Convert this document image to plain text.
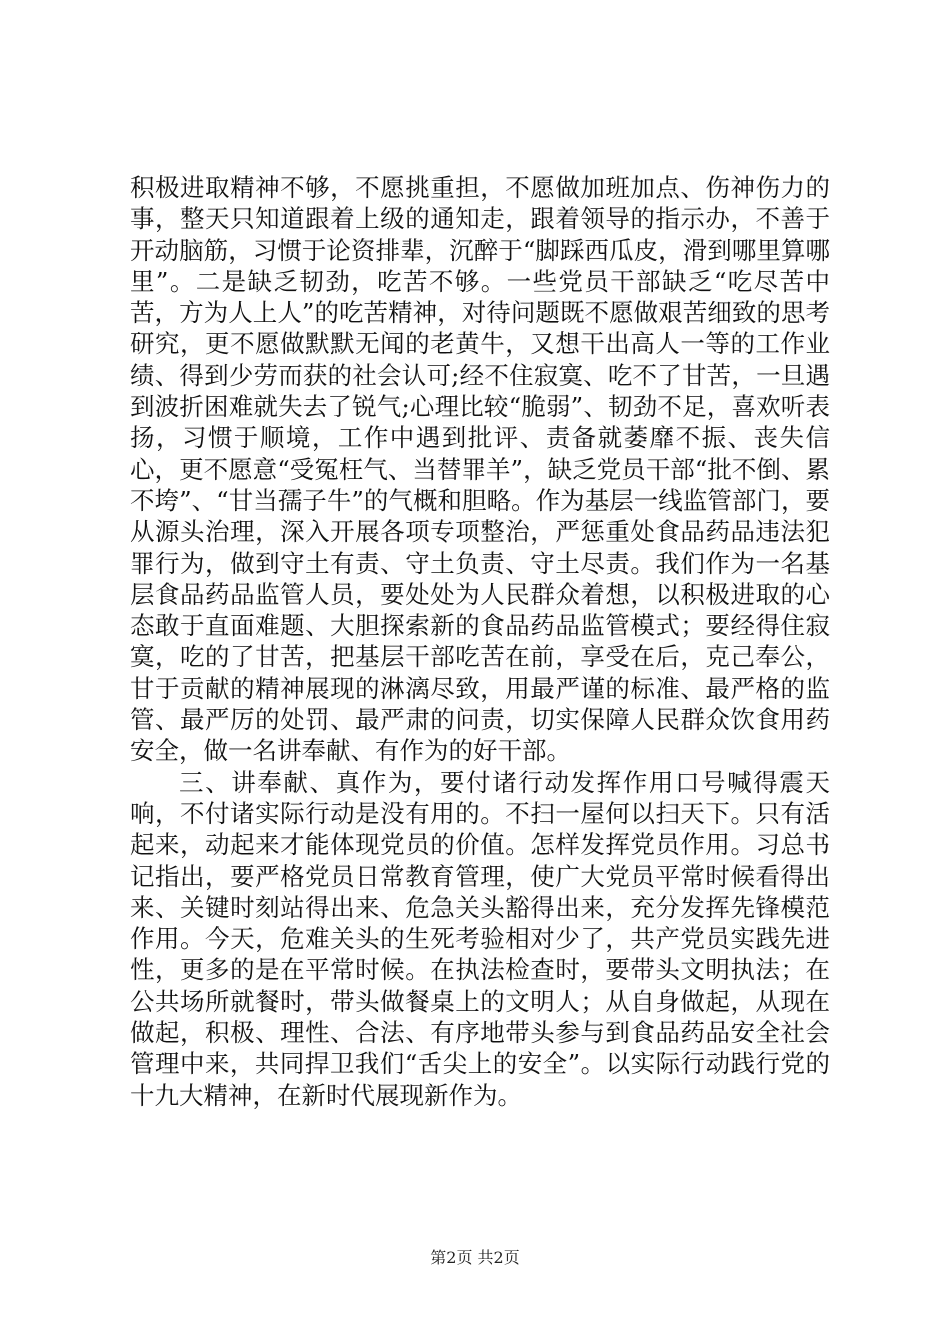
积极进取精神不够，不愿挑重担，不愿做加班加点、伤神伤力的事，整天只知道跟着上级的通知走，跟着领导的指示办，不善于开动脑筋，习惯于论资排辈，沉醉于“脚踩西瓜皮，滑到哪里算哪里”。二是缺乏韧劲，吃苦不够。一些党员干部缺乏“吃尽苦中苦，方为人上人”的吃苦精神，对待问题既不愿做艰苦细致的思考研究，更不愿做默默无闻的老黄牛，又想干出高人一等的工作业绩、得到少劳而获的社会认可;经不住寂寞、吃不了甘苦，一旦遇到波折困难就失去了锐气;心理比较“脆弱”、韧劲不足，喜欢听表扬，习惯于顺境，工作中遇到批评、责备就萎靡不振、丧失信心，更不愿意“受冤枉气、当替罪羊”，缺乏党员干部“批不倒、累不垮”、“甘当孺子牛”的气概和胆略。作为基层一线监管部门，要从源头治理，深入开展各项专项整治，严惩重处食品药品违法犯罪行为，做到守土有责、守土负责、守土尽责。我们作为一名基层食品药品监管人员，要处处为人民群众着想，以积极进取的心态敢于直面难题、大胆探索新的食品药品监管模式；要经得住寂寞，吃的了甘苦，把基层干部吃苦在前，享受在后，克己奉公，甘于贡献的精神展现的淋漓尽致，用最严谨的标准、最严格的监管、最严厉的处罚、最严肃的问责，切实保障人民群众饮食用药安全，做一名讲奉献、有作为的好干部。

三、讲奉献、真作为，要付诸行动发挥作用口号喊得震天响，不付诸实际行动是没有用的。不扫一屋何以扫天下。只有活起来，动起来才能体现党员的价值。怎样发挥党员作用。习总书记指出，要严格党员日常教育管理，使广大党员平常时候看得出来、关键时刻站得出来、危急关头豁得出来，充分发挥先锋模范作用。今天，危难关头的生死考验相对少了，共产党员实践先进性，更多的是在平常时候。在执法检查时，要带头文明执法；在公共场所就餐时，带头做餐桌上的文明人；从自身做起，从现在做起，积极、理性、合法、有序地带头参与到食品药品安全社会管理中来，共同捍卫我们“舌尖上的安全”。以实际行动践行党的十九大精神，在新时代展现新作为。

第2页 共2页
